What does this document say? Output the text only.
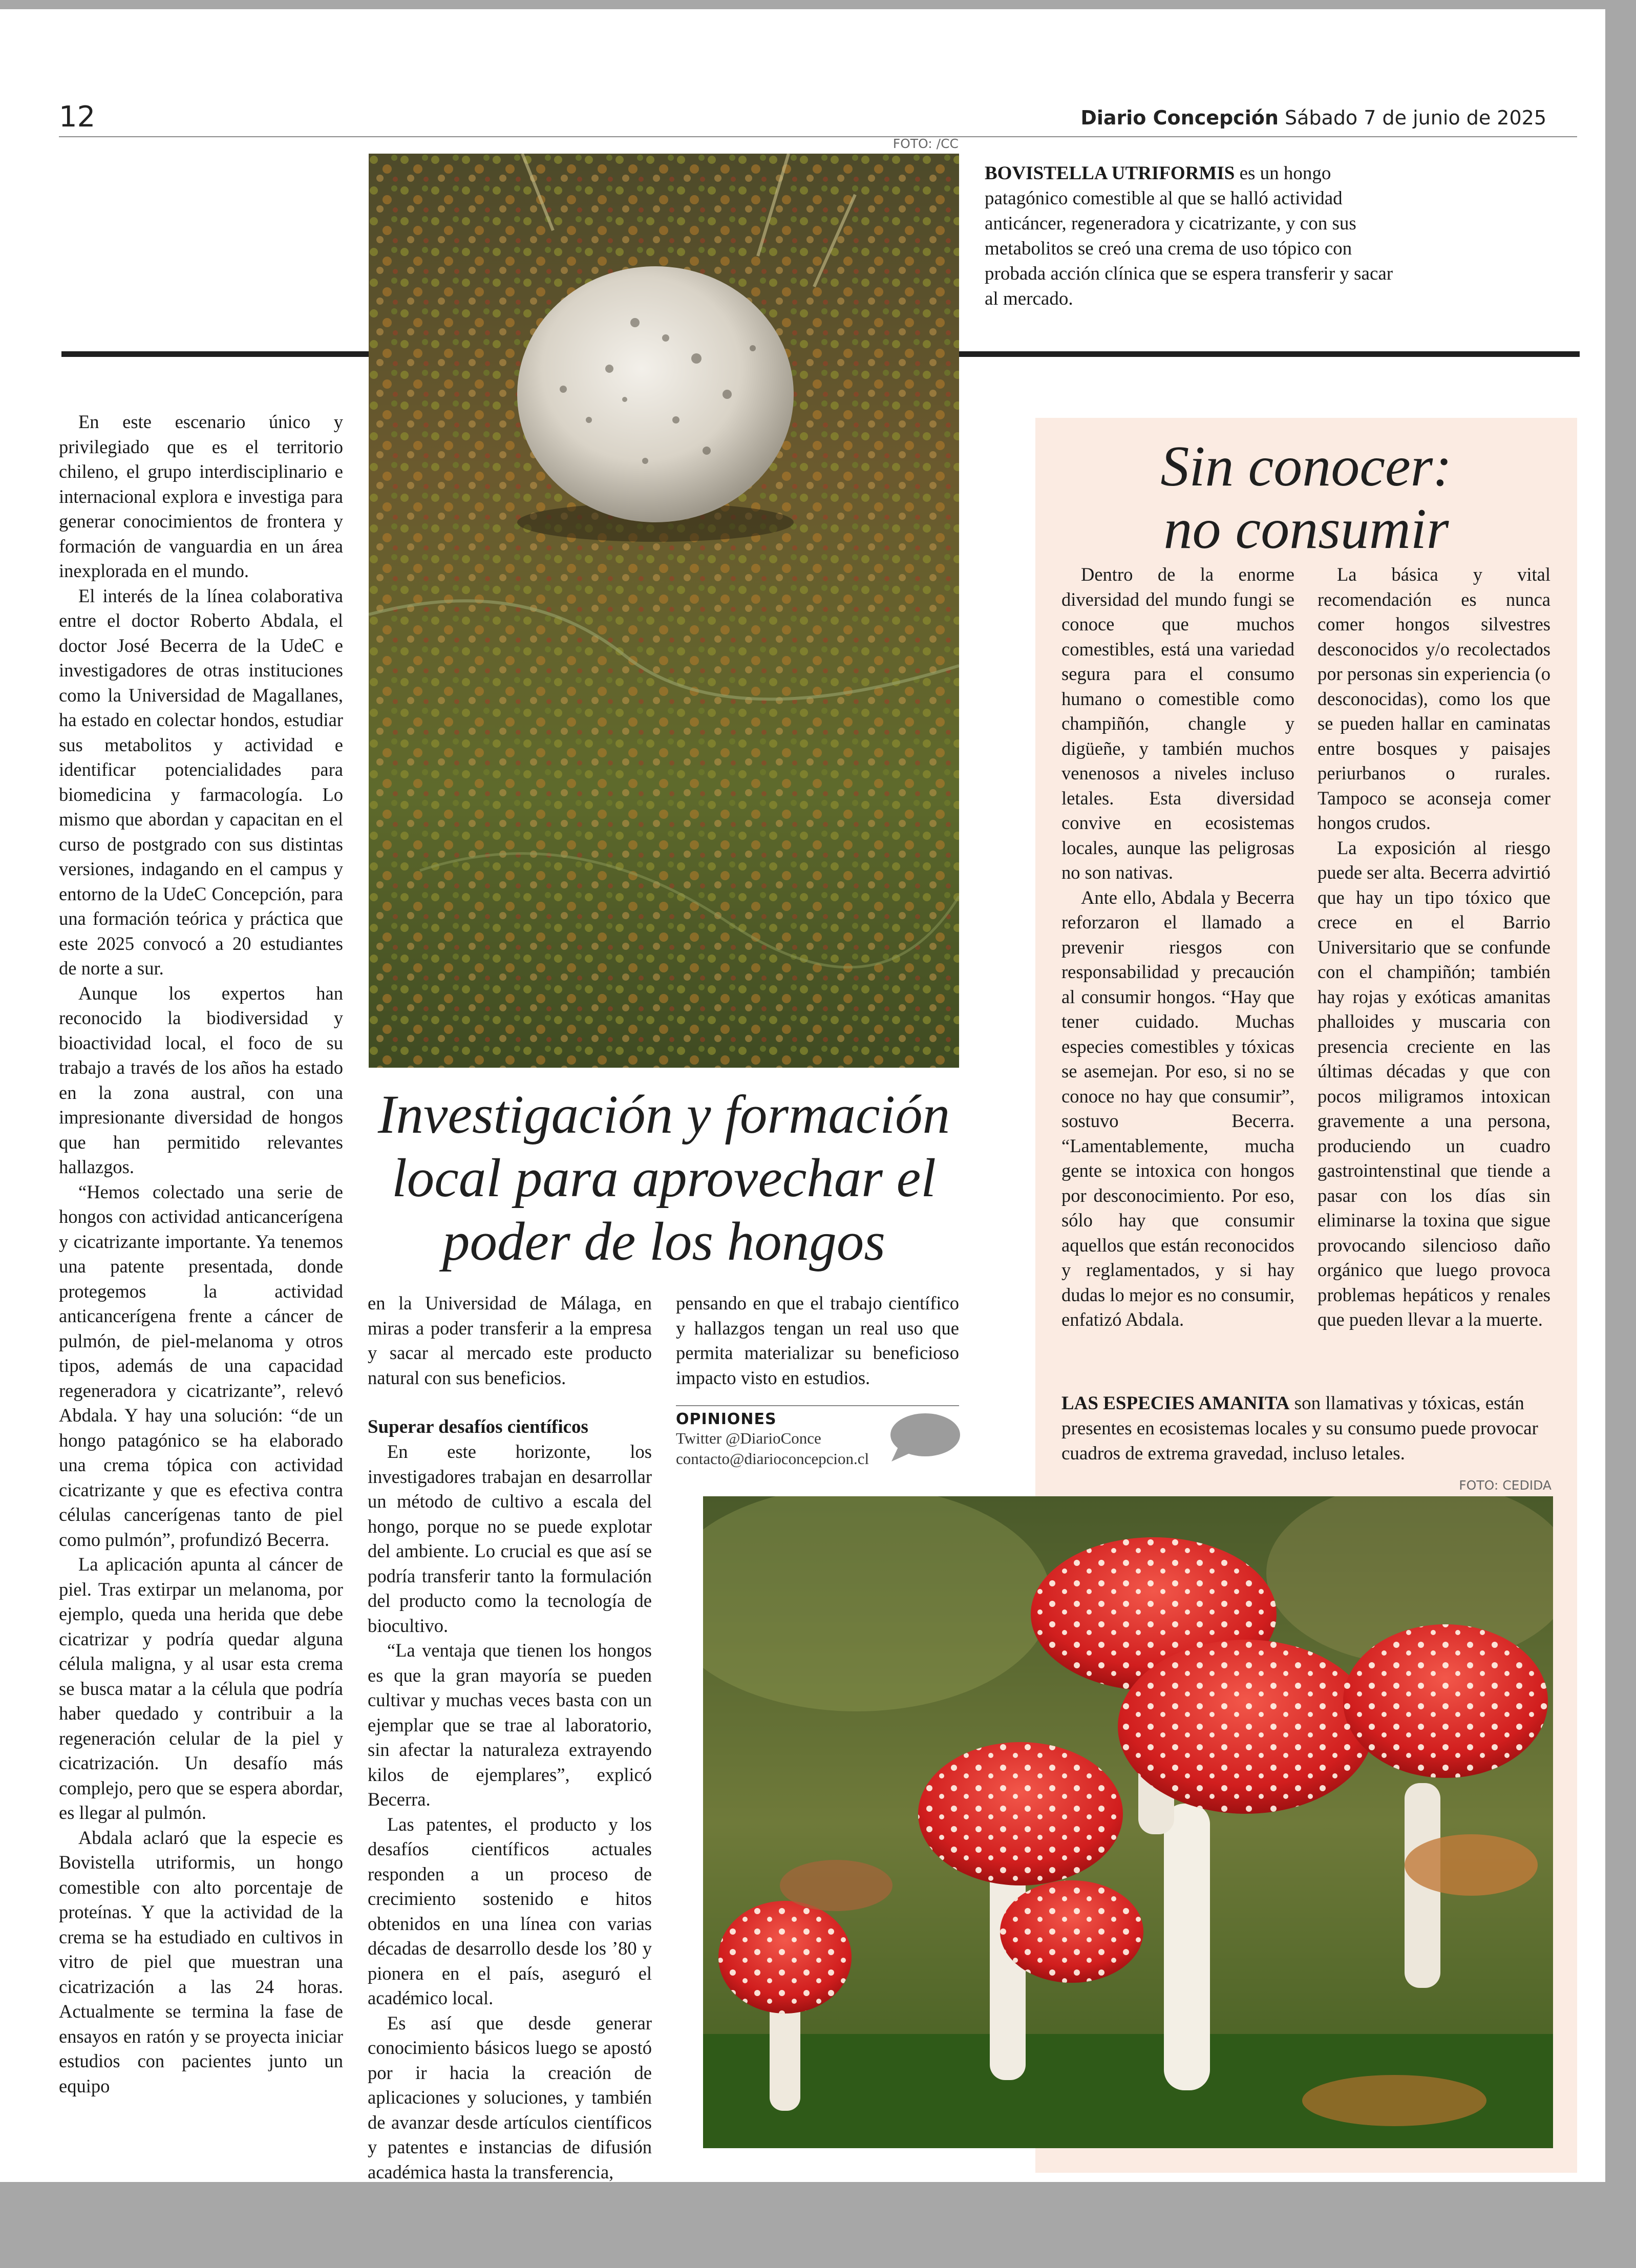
12	Diario Concepción Sábado 7 de junio de 2025
FOTO: /CC
BOVISTELLA UTRIFORMIS es un hongo patagónico comestible al que se halló actividad anticáncer, regeneradora y cicatrizante, y con sus metabolitos se creó una crema de uso tópico con probada acción clínica que se espera transferir y sacar al mercado.
Investigación y formación local para aprovechar el poder de los hongos

En este escenario único y privilegiado que es el territorio chileno, el grupo interdisciplinario e internacional explora e investiga para generar conocimientos de frontera y formación de vanguardia en un área inexplorada en el mundo.

El interés de la línea colaborativa entre el doctor Roberto Abdala, el doctor José Becerra de la UdeC e investigadores de otras instituciones como la Universidad de Magallanes, ha estado en colectar hondos, estudiar sus metabolitos y actividad e identificar potencialidades para biomedicina y farmacología. Lo mismo que abordan y capacitan en el curso de postgrado con sus distintas versiones, indagando en el campus y entorno de la UdeC Concepción, para una formación teórica y práctica que este 2025 convocó a 20 estudiantes de norte a sur.

Aunque los expertos han reconocido la biodiversidad y bioactividad local, el foco de su trabajo a través de los años ha estado en la zona austral, con una impresionante diversidad de hongos que han permitido relevantes hallazgos.

“Hemos colectado una serie de hongos con actividad anticancerígena y cicatrizante importante. Ya tenemos una patente presentada, donde protegemos la actividad anticancerígena frente a cáncer de pulmón, de piel-melanoma y otros tipos, además de una capacidad regeneradora y cicatrizante”, relevó Abdala. Y hay una solución: “de un hongo patagónico se ha elaborado una crema tópica con actividad cicatrizante y que es efectiva contra células cancerígenas tanto de piel como pulmón”, profundizó Becerra.

La aplicación apunta al cáncer de piel. Tras extirpar un melanoma, por ejemplo, queda una herida que debe cicatrizar y podría quedar alguna célula maligna, y al usar esta crema se busca matar a la célula que podría haber quedado y contribuir a la regeneración celular de la piel y cicatrización. Un desafío más complejo, pero que se espera abordar, es llegar al pulmón.

Abdala aclaró que la especie es Bovistella utriformis, un hongo comestible con alto porcentaje de proteínas. Y que la actividad de la crema se ha estudiado en cultivos in vitro de piel que muestran una cicatrización a las 24 horas. Actualmente se termina la fase de ensayos en ratón y se proyecta iniciar estudios con pacientes junto un equipo

en la Universidad de Málaga, en miras a poder transferir a la empresa y sacar al mercado este producto natural con sus beneficios.

Superar desafíos científicos

En este horizonte, los investigadores trabajan en desarrollar un método de cultivo a escala del hongo, porque no se puede explotar del ambiente. Lo crucial es que así se podría transferir tanto la formulación del producto como la tecnología de biocultivo.

“La ventaja que tienen los hongos es que la gran mayoría se pueden cultivar y muchas veces basta con un ejemplar que se trae al laboratorio, sin afectar la naturaleza extrayendo kilos de ejemplares”, explicó Becerra.

Las patentes, el producto y los desafíos científicos actuales responden a un proceso de crecimiento sostenido e hitos obtenidos en una línea con varias décadas de desarrollo desde los ’80 y pionera en el país, aseguró el académico local.

Es así que desde generar conocimiento básicos luego se apostó por ir hacia la creación de aplicaciones y soluciones, y también de avanzar desde artículos científicos y patentes e instancias de difusión académica hasta la transferencia,

pensando en que el trabajo científico y hallazgos tengan un real uso que permita materializar su beneficioso impacto visto en estudios.

OPINIONES
Twitter @DiarioConce
contacto@diarioconcepcion.cl
Sin conocer:
no consumir

Dentro de la enorme diversidad del mundo fungi se conoce que muchos comestibles, está una variedad segura para el consumo humano o comestible como champiñón, changle y digüeñe, y también muchos venenosos a niveles incluso letales. Esta diversidad convive en ecosistemas locales, aunque las peligrosas no son nativas.

Ante ello, Abdala y Becerra reforzaron el llamado a prevenir riesgos con responsabilidad y precaución al consumir hongos. “Hay que tener cuidado. Muchas especies comestibles y tóxicas se asemejan. Por eso, si no se conoce no hay que consumir”, sostuvo Becerra. “Lamentablemente, mucha gente se intoxica con hongos por desconocimiento. Por eso, sólo hay que consumir aquellos que están reconocidos y reglamentados, y si hay dudas lo mejor es no consumir, enfatizó Abdala.

La básica y vital recomendación es nunca comer hongos silvestres desconocidos y/o recolectados por personas sin experiencia (o desconocidas), como los que se pueden hallar en caminatas entre bosques y paisajes periurbanos o rurales. Tampoco se aconseja comer hongos crudos.

La exposición al riesgo puede ser alta. Becerra advirtió que hay un tipo tóxico que crece en el Barrio Universitario que se confunde con el champiñón; también hay rojas y exóticas amanitas phalloides y muscaria con presencia creciente en las últimas décadas y que con pocos miligramos intoxican gravemente a una persona, produciendo un cuadro gastrointenstinal que tiende a pasar con los días sin eliminarse la toxina que sigue provocando silencioso daño orgánico que luego provoca problemas hepáticos y renales que pueden llevar a la muerte.

LAS ESPECIES AMANITA son llamativas y tóxicas, están presentes en ecosistemas locales y su consumo puede provocar cuadros de extrema gravedad, incluso letales.
FOTO: CEDIDA
